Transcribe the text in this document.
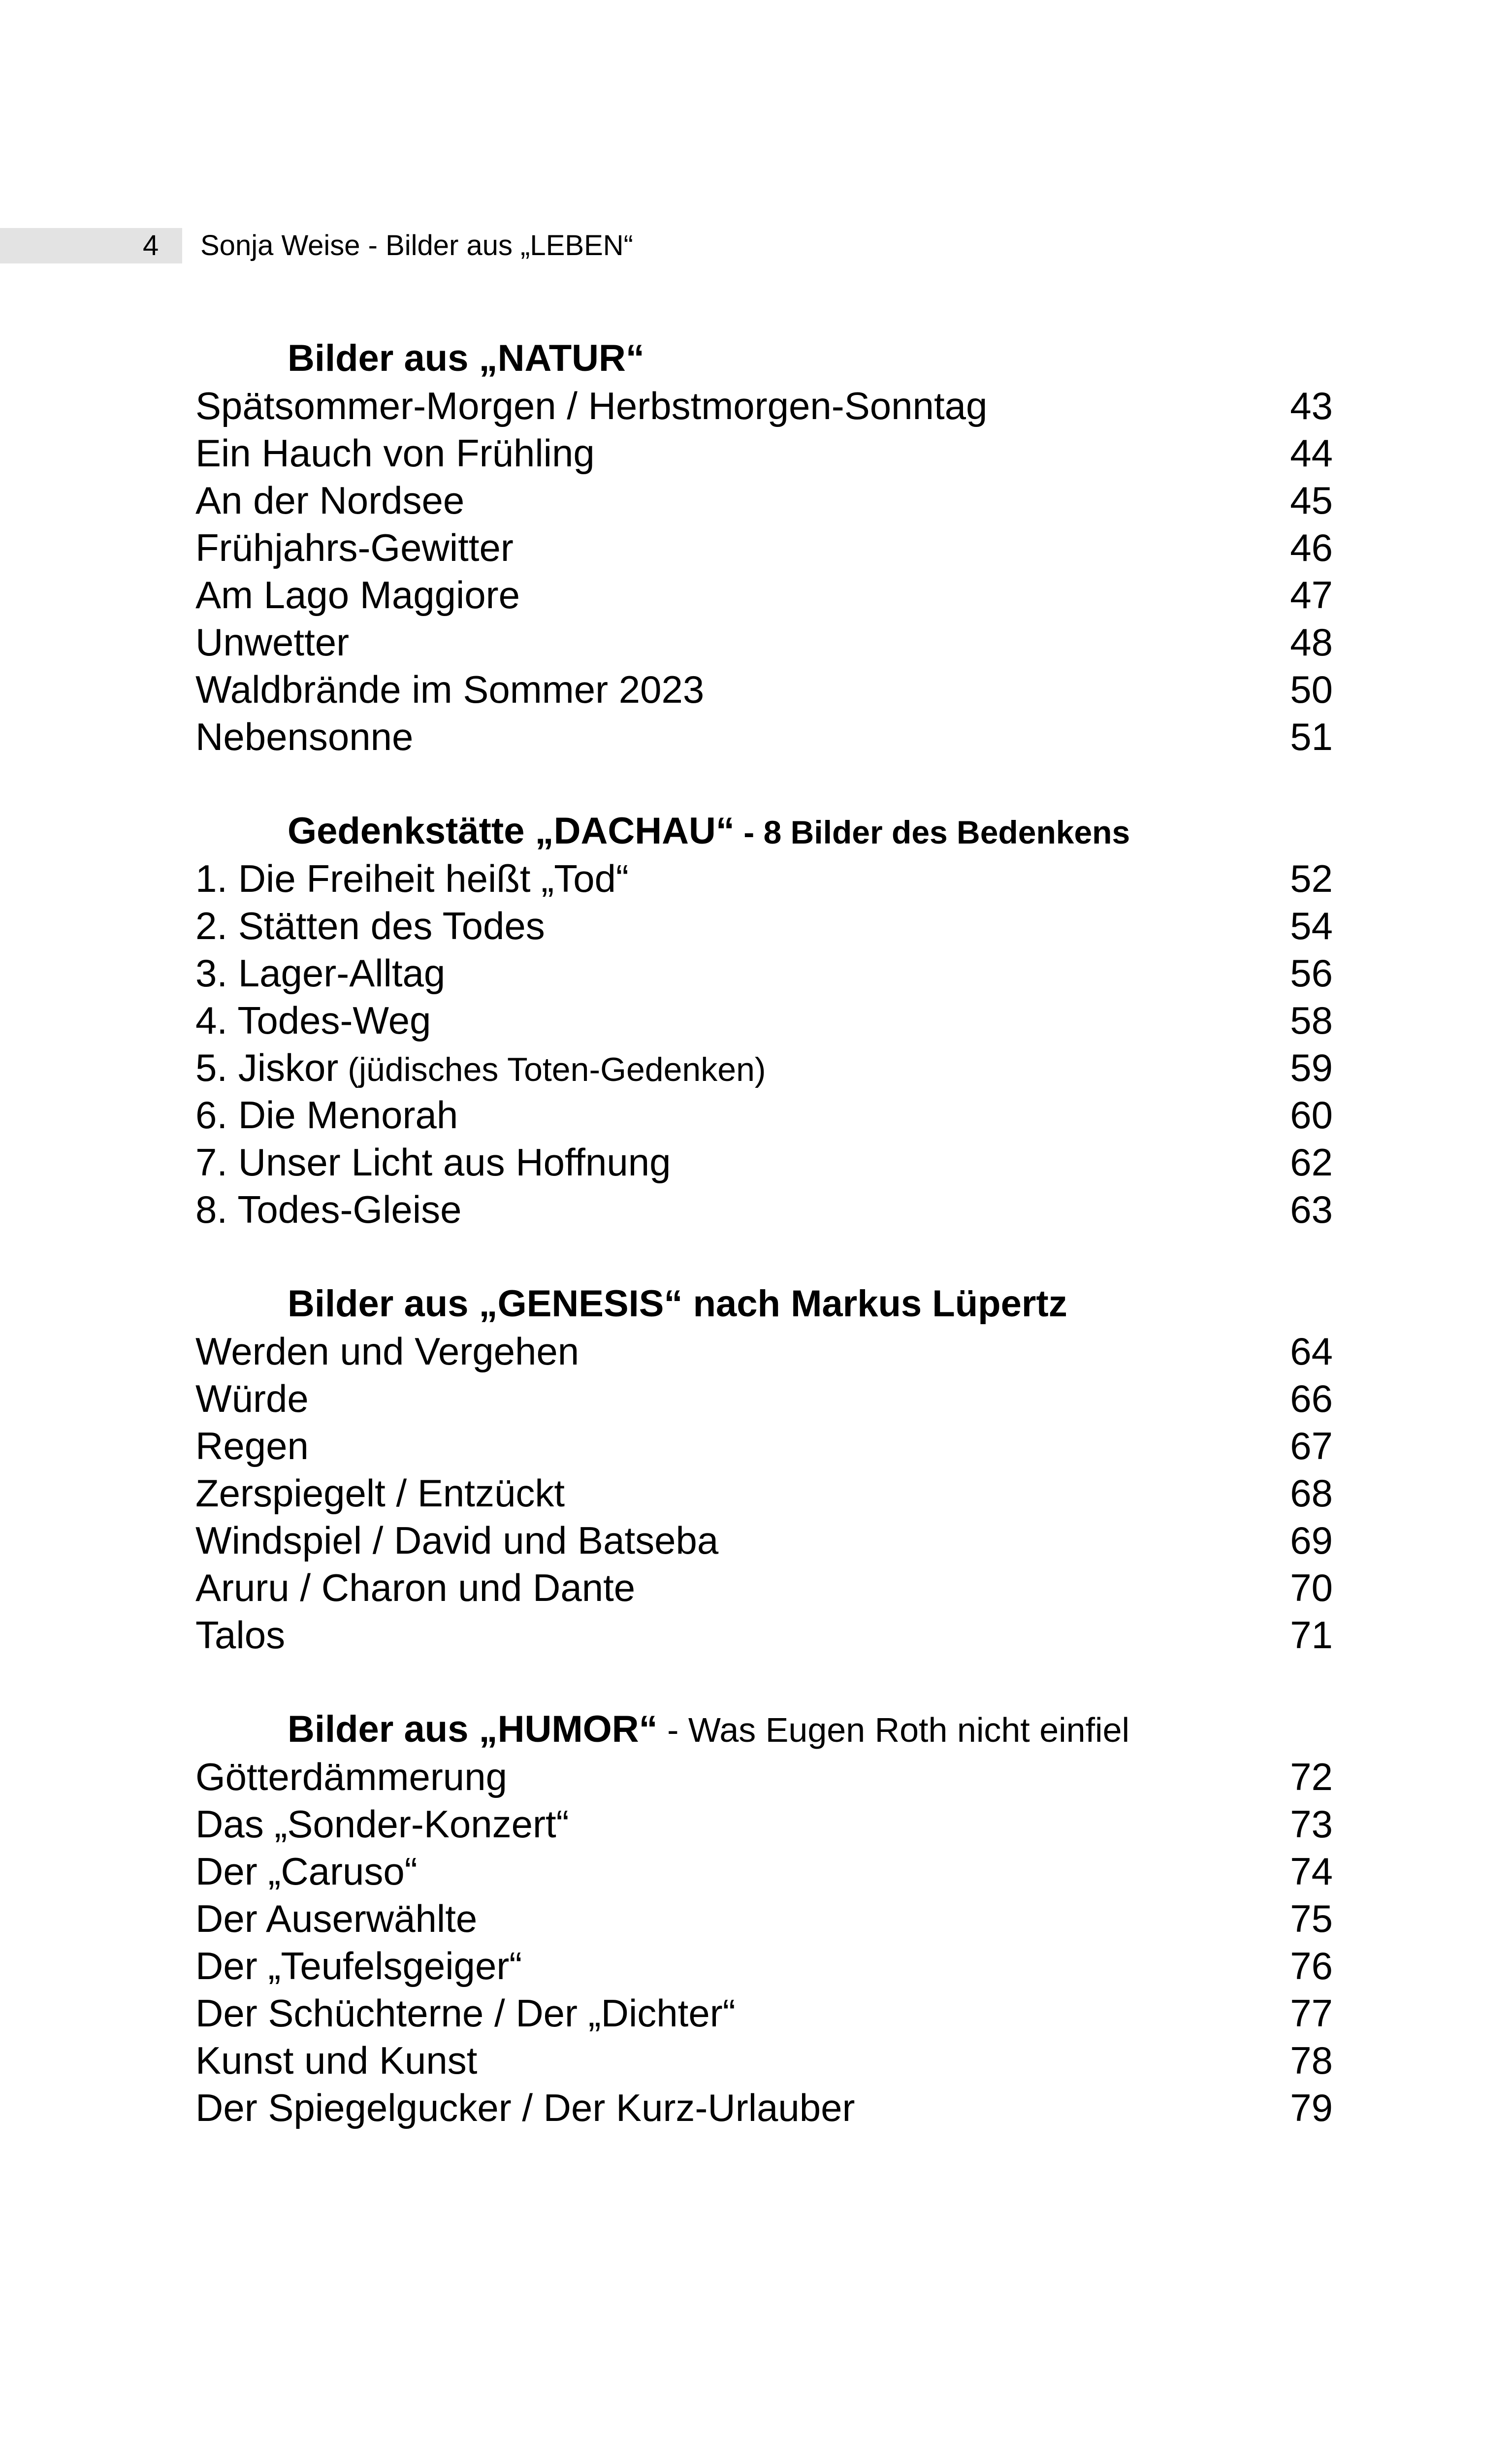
4 Sonja Weise - Bilder aus „LEBEN“
Bilder aus „NATUR“
Spätsommer-Morgen / Herbstmorgen-Sonntag	43
Ein Hauch von Frühling	44
An der Nordsee	45
Frühjahrs-Gewitter	46
Am Lago Maggiore	47
Unwetter	48
Waldbrände im Sommer 2023	50
Nebensonne	51
Gedenkstätte „DACHAU“ - 8 Bilder des Bedenkens
1. Die Freiheit heißt „Tod“	52
2. Stätten des Todes	54
3. Lager-Alltag	56
4. Todes-Weg	58
5. Jiskor (jüdisches Toten-Gedenken)	59
6. Die Menorah	60
7. Unser Licht aus Hoffnung	62
8. Todes-Gleise	63
Bilder aus „GENESIS“ nach Markus Lüpertz
Werden und Vergehen	64
Würde	66
Regen	67
Zerspiegelt / Entzückt	68
Windspiel / David und Batseba	69
Aruru / Charon und Dante	70
Talos	71
Bilder aus „HUMOR“ - Was Eugen Roth nicht einfiel
Götterdämmerung	72
Das „Sonder-Konzert“	73
Der „Caruso“	74
Der Auserwählte	75
Der „Teufelsgeiger“	76
Der Schüchterne / Der „Dichter“	77
Kunst und Kunst	78
Der Spiegelgucker / Der Kurz-Urlauber	79
